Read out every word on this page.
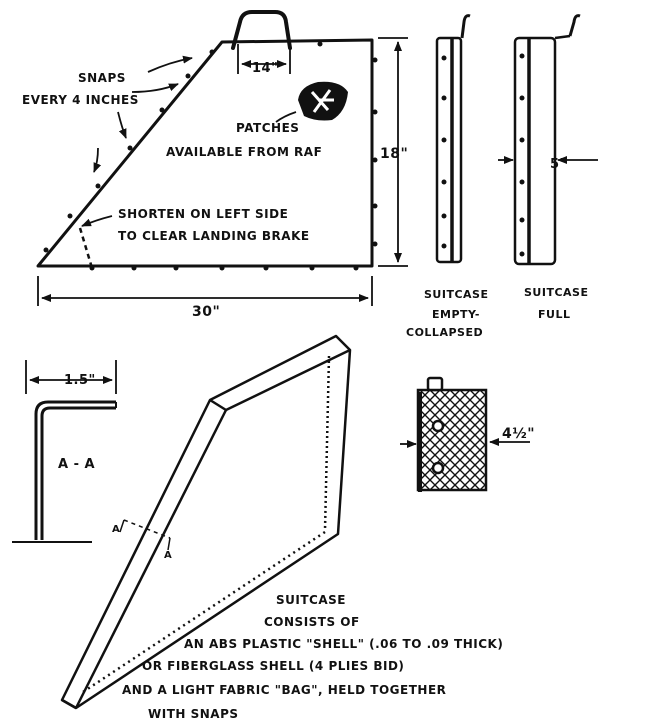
SNAPS
EVERY 4 INCHES
14"
PATCHES
AVAILABLE FROM RAF	18"
SHORTEN ON LEFT SIDE
TO CLEAR LANDING BRAKE
30"
5"
SUITCASE
EMPTY-
COLLAPSED
SUITCASE
FULL
1.5"
A - A
A
A
4½"
SUITCASE
CONSISTS OF
AN ABS PLASTIC "SHELL" (.06 TO .09 THICK)
OR FIBERGLASS SHELL (4 PLIES BID)
AND A LIGHT FABRIC "BAG", HELD TOGETHER
WITH SNAPS
